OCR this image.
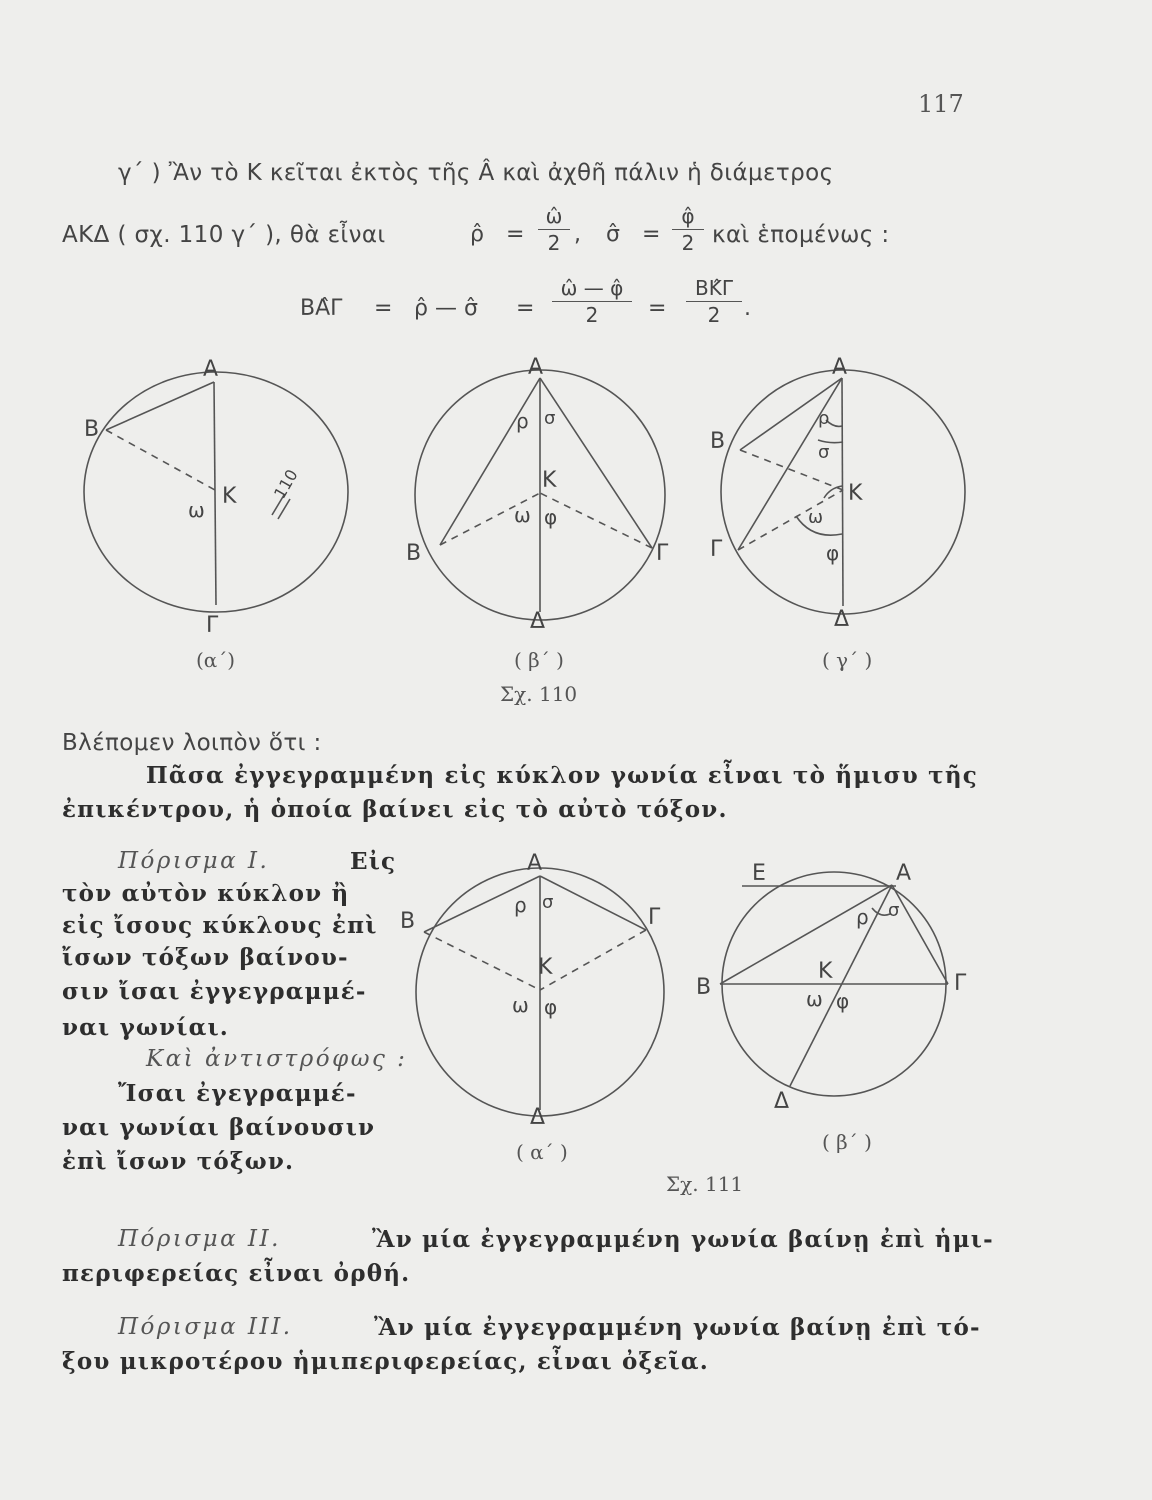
117
γ΄ ) Ἂν τὸ Κ κεῖται ἐκτὸς τῆς Â καὶ ἀχθῆ πάλιν ἡ διάμετρος
ΑΚΔ ( σχ. 110 γ΄ ), θὰ εἶναι	ρ̂ =
ω̂
2 , σ̂ =
φ̂
2 καὶ ἑπομένως :
ΒΑ̂Γ = ρ̂ — σ̂ =
ω̂ — φ̂
2	=
ΒΚ̂Γ
2	.
Α
Β
Κ
ω
Γ
110
Α
ρ σ
Κ
ω φ
Β	Γ
Δ
Α
Β
ρ
σ
Κ
ω
φ
Γ
Δ
Α
ρ σ
Β	Γ
Κ
ω φ
Δ
Ε	Α
ρ σ
Κ
ω φ
Β	Γ
Δ
(α΄)	( β΄ )	( γ΄ )
Σχ. 110
Βλέπομεν λοιπὸν ὅτι :
Πᾶσα ἐγγεγραμμένη εἰς κύκλον γωνία εἶναι τὸ ἥμισυ τῆς
ἐπικέντρου, ἡ ὁποία βαίνει εἰς τὸ αὐτὸ τόξον.
Πόρισμα Ι.	Εἰς
τὸν αὐτὸν κύκλον ἢ
εἰς ἴσους κύκλους ἐπὶ
ἴσων τόξων βαίνου-
σιν ἴσαι ἐγγεγραμμέ-
ναι γωνίαι.
Καὶ ἀντιστρόφως :
Ἴσαι ἐγεγραμμέ-
ναι γωνίαι βαίνουσιν
ἐπὶ ἴσων τόξων.	( α΄ )	( β΄ )
Σχ. 111
Πόρισμα ΙΙ.	Ἂν μία ἐγγεγραμμένη γωνία βαίνῃ ἐπὶ ἡμι-
περιφερείας εἶναι ὀρθή.
Πόρισμα ΙΙΙ.	Ἂν μία ἐγγεγραμμένη γωνία βαίνῃ ἐπὶ τό-
ξου μικροτέρου ἡμιπεριφερείας, εἶναι ὀξεῖα.
